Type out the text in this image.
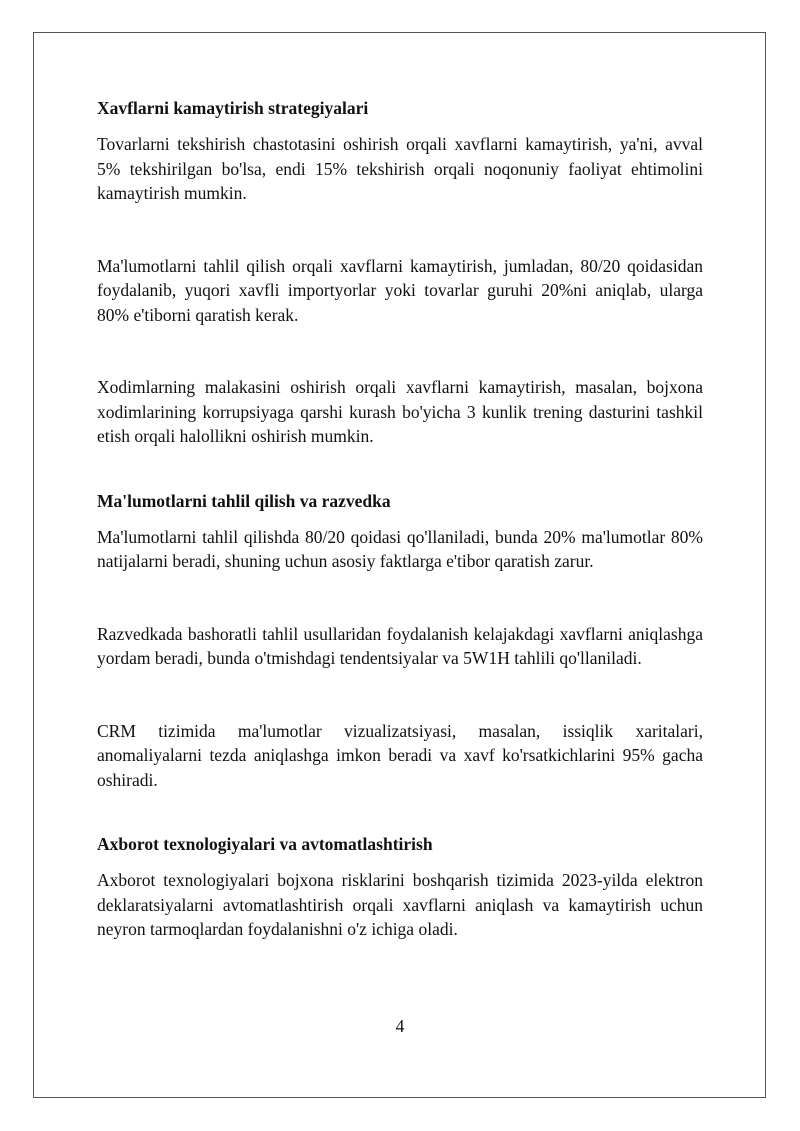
Xavflarni kamaytirish strategiyalari

Tovarlarni tekshirish chastotasini oshirish orqali xavflarni kamaytirish, ya'ni, avval 5% tekshirilgan bo'lsa, endi 15% tekshirish orqali noqonuniy faoliyat ehtimolini kamaytirish mumkin.

Ma'lumotlarni tahlil qilish orqali xavflarni kamaytirish, jumladan, 80/20 qoidasidan foydalanib, yuqori xavfli importyorlar yoki tovarlar guruhi 20%ni aniqlab, ularga 80% e'tiborni qaratish kerak.

Xodimlarning malakasini oshirish orqali xavflarni kamaytirish, masalan, bojxona xodimlarining korrupsiyaga qarshi kurash bo'yicha 3 kunlik trening dasturini tashkil etish orqali halollikni oshirish mumkin.

Ma'lumotlarni tahlil qilish va razvedka

Ma'lumotlarni tahlil qilishda 80/20 qoidasi qo'llaniladi, bunda 20% ma'lumotlar 80% natijalarni beradi, shuning uchun asosiy faktlarga e'tibor qaratish zarur.

Razvedkada bashoratli tahlil usullaridan foydalanish kelajakdagi xavflarni aniqlashga yordam beradi, bunda o'tmishdagi tendentsiyalar va 5W1H tahlili qo'llaniladi.

CRM tizimida ma'lumotlar vizualizatsiyasi, masalan, issiqlik xaritalari, anomaliyalarni tezda aniqlashga imkon beradi va xavf ko'rsatkichlarini 95% gacha oshiradi.

Axborot texnologiyalari va avtomatlashtirish

Axborot texnologiyalari bojxona risklarini boshqarish tizimida 2023-yilda elektron deklaratsiyalarni avtomatlashtirish orqali xavflarni aniqlash va kamaytirish uchun neyron tarmoqlardan foydalanishni o'z ichiga oladi.

4
